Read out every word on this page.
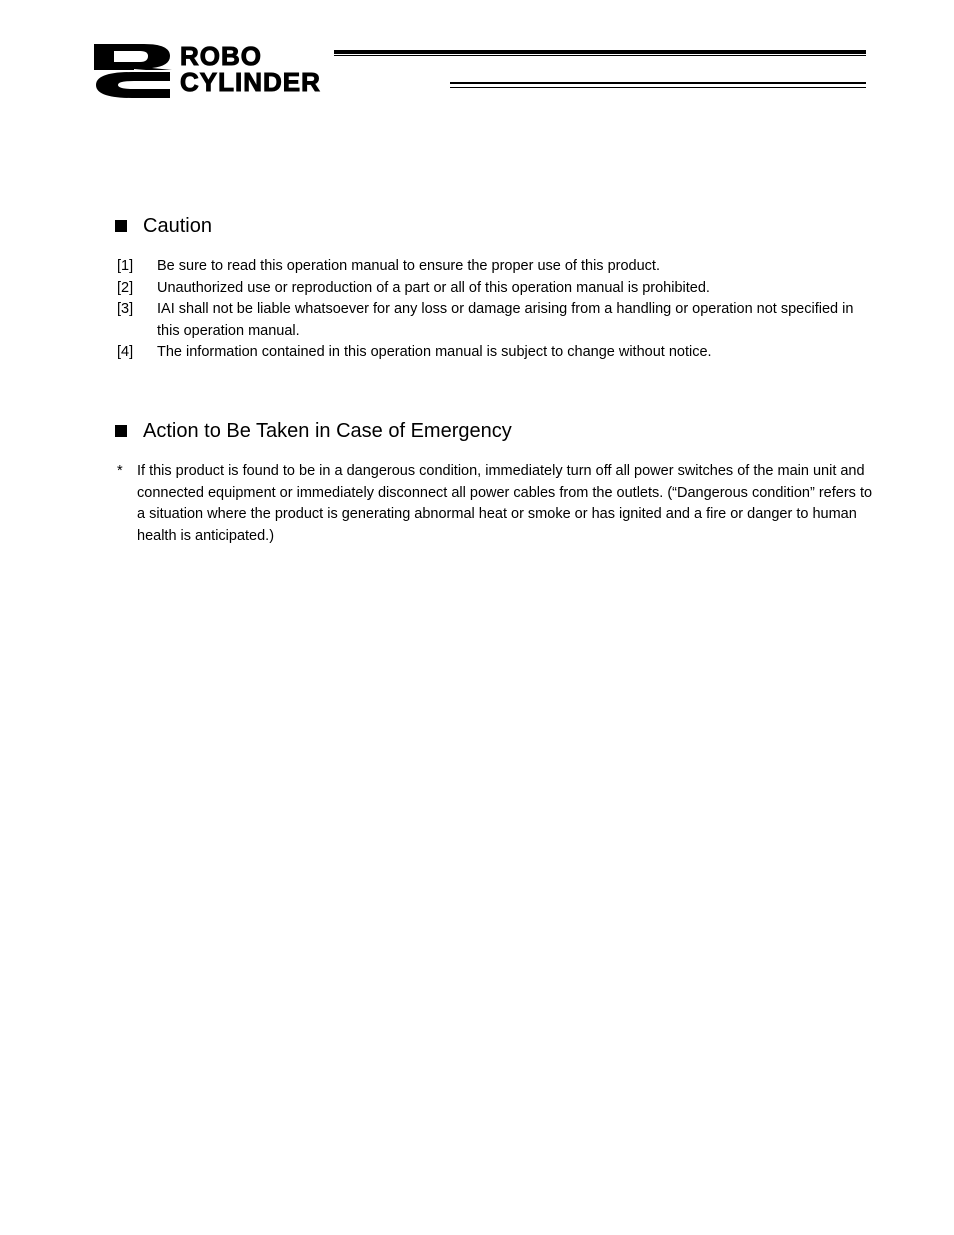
ROBO
CYLINDER
Caution
[1]	Be sure to read this operation manual to ensure the proper use of this product.
[2]	Unauthorized use or reproduction of a part or all of this operation manual is prohibited.
[3]	IAI shall not be liable whatsoever for any loss or damage arising from a handling or operation not specified in this operation manual.
[4]	The information contained in this operation manual is subject to change without notice.
Action to Be Taken in Case of Emergency
* If this product is found to be in a dangerous condition, immediately turn off all power switches of the main unit and connected equipment or immediately disconnect all power cables from the outlets. (“Dangerous condition” refers to a situation where the product is generating abnormal heat or smoke or has ignited and a fire or danger to human health is anticipated.)
